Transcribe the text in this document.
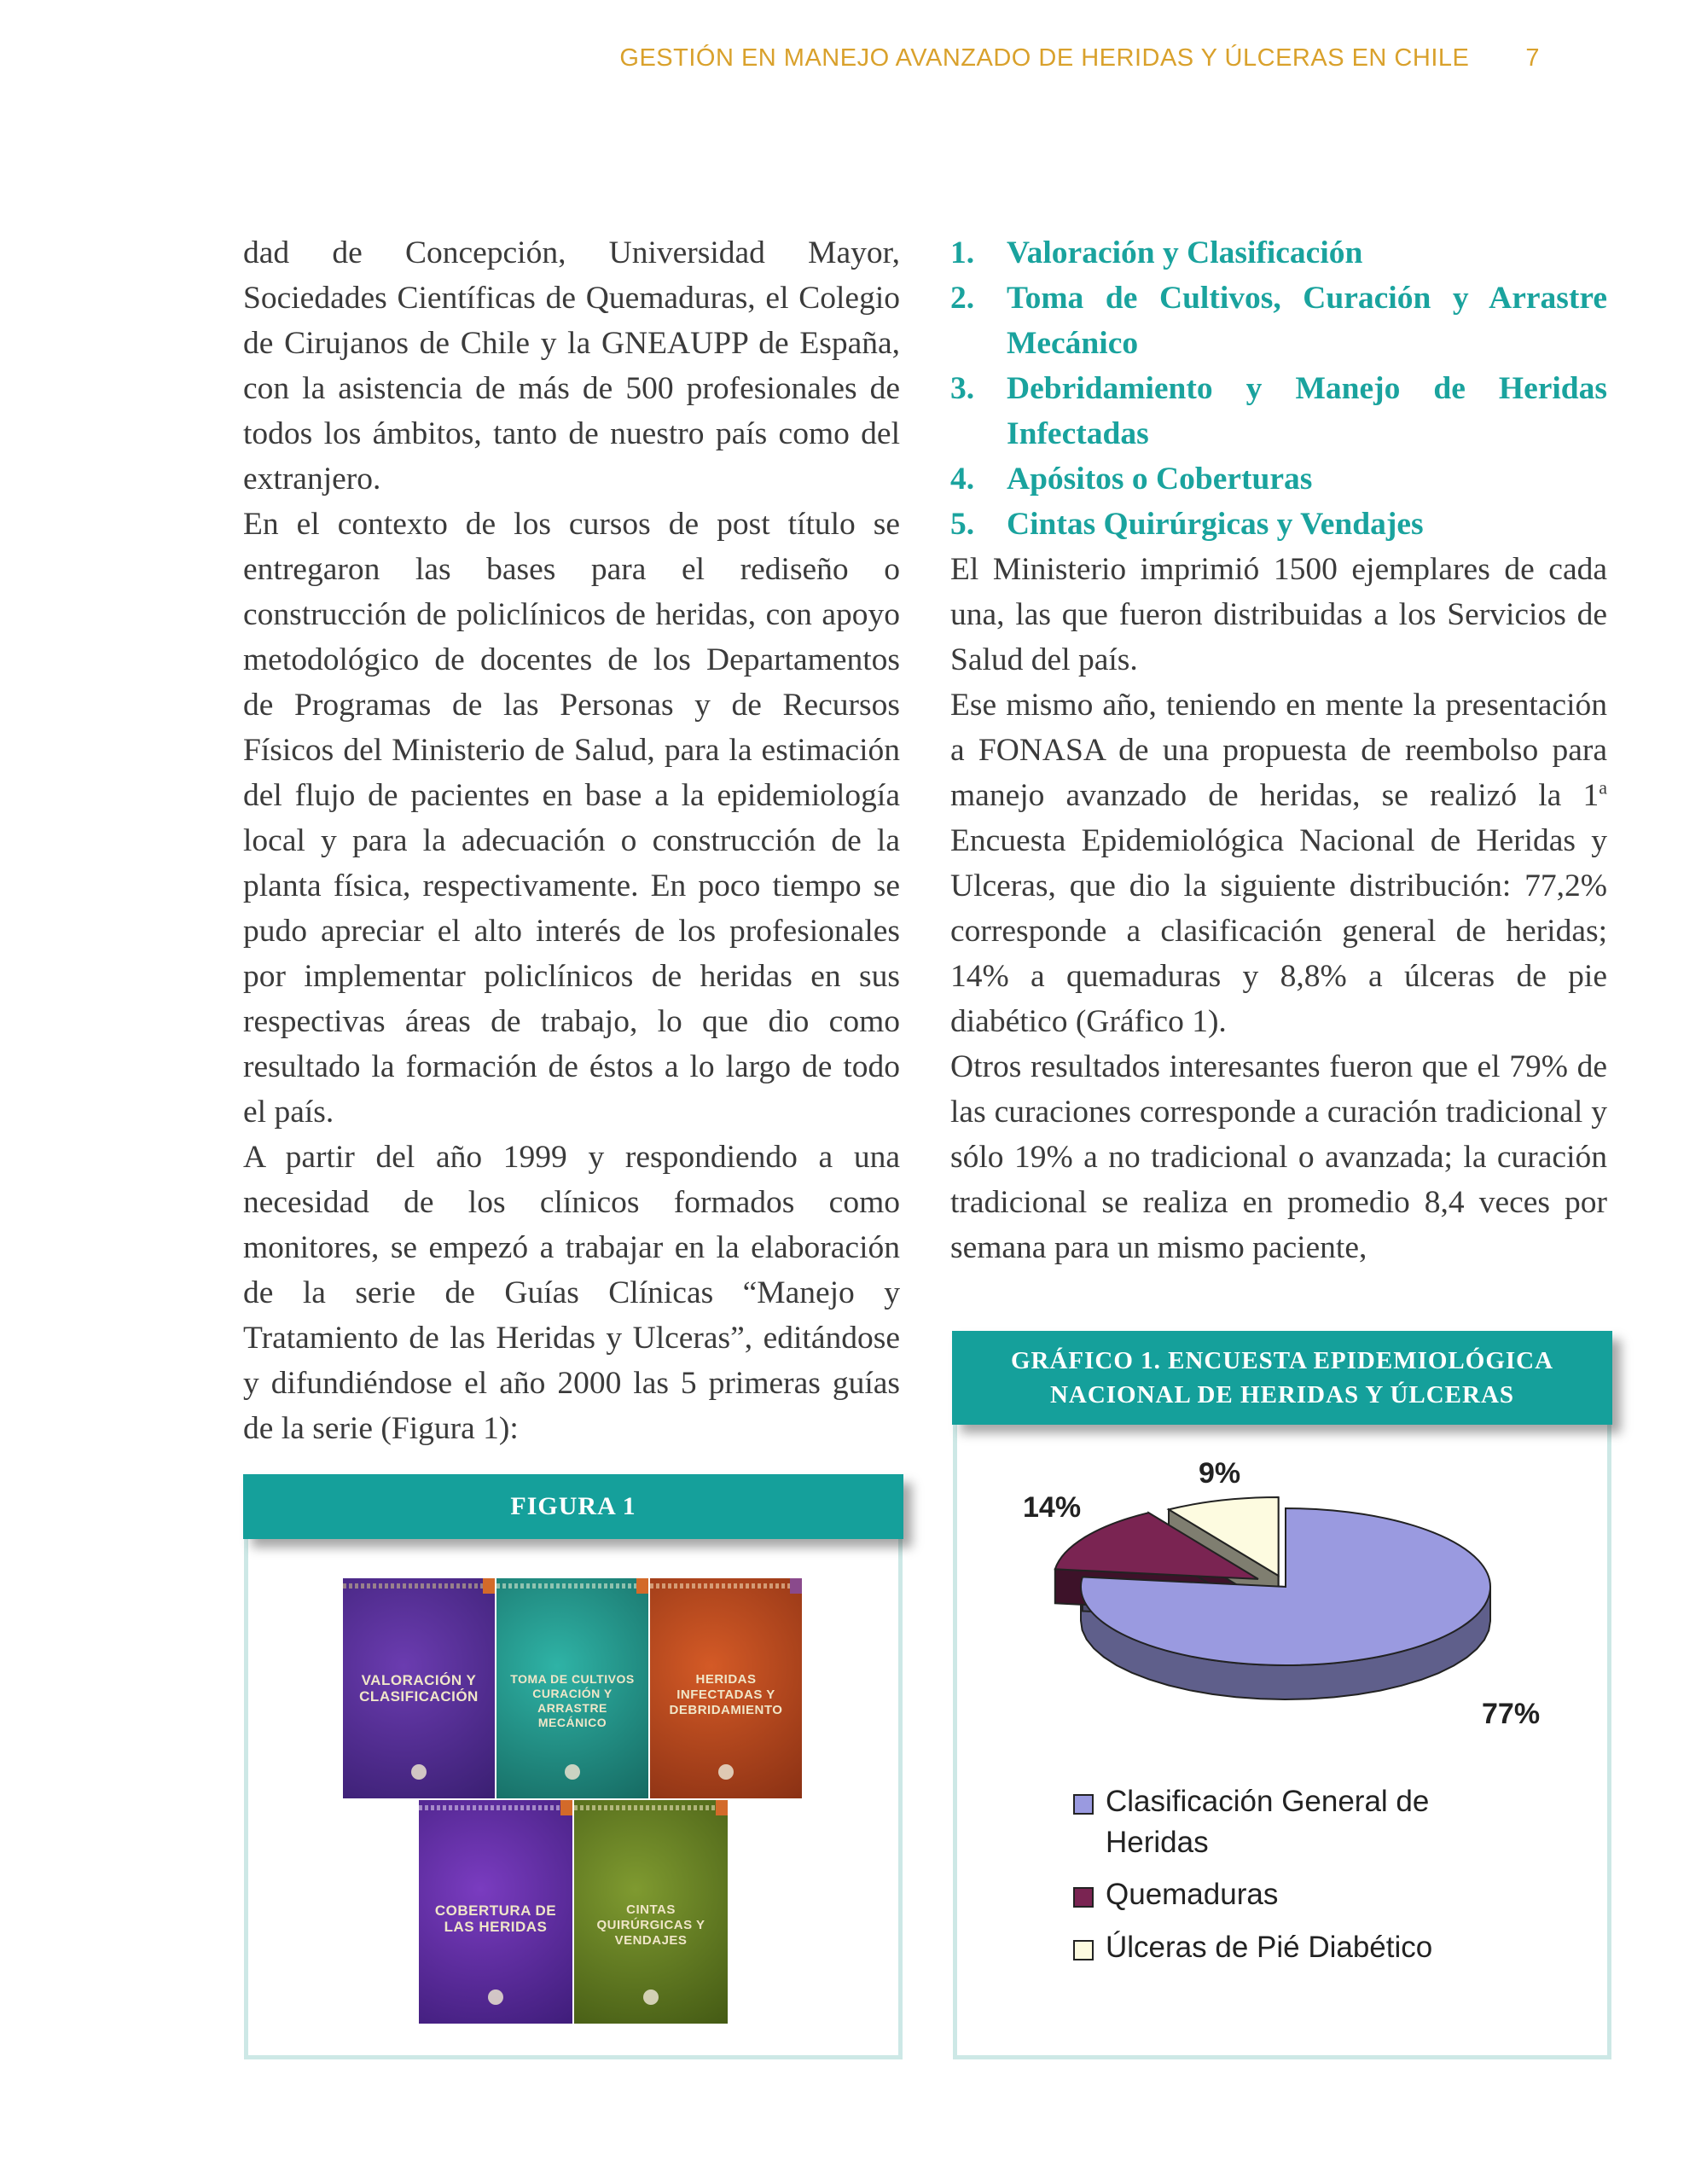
GESTIÓN EN MANEJO AVANZADO DE HERIDAS Y ÚLCERAS EN CHILE 7

dad de Concepción, Universidad Mayor, Sociedades Científicas de Quemaduras, el Colegio de Cirujanos de Chile y la GNEAUPP de España, con la asistencia de más de 500 profesionales de todos los ámbitos, tanto de nuestro país como del extranjero.

En el contexto de los cursos de post título se entregaron las bases para el rediseño o construcción de policlínicos de heridas, con apoyo metodológico de docentes de los Departamentos de Programas de las Personas y de Recursos Físicos del Ministerio de Salud, para la estimación del flujo de pacientes en base a la epidemiología local y para la adecuación o construcción de la planta física, respectivamente. En poco tiempo se pudo apreciar el alto interés de los profesionales por implementar policlínicos de heridas en sus respectivas áreas de trabajo, lo que dio como resultado la formación de éstos a lo largo de todo el país.

A partir del año 1999 y respondiendo a una necesidad de los clínicos formados como monitores, se empezó a trabajar en la elaboración de la serie de Guías Clínicas “Manejo y Tratamiento de las Heridas y Ulceras”, editándose y difundiéndose el año 2000 las 5 primeras guías de la serie (Figura 1):

1. Valoración y Clasificación
2. Toma de Cultivos, Curación y Arrastre Mecánico
3. Debridamiento y Manejo de Heridas Infectadas
4. Apósitos o Coberturas
5. Cintas Quirúrgicas y Vendajes

El Ministerio imprimió 1500 ejemplares de cada una, las que fueron distribuidas a los Servicios de Salud del país.

Ese mismo año, teniendo en mente la presentación a FONASA de una propuesta de reembolso para manejo avanzado de heridas, se realizó la 1$^a$ Encuesta Epidemiológica Nacional de Heridas y Ulceras, que dio la siguiente distribución: 77,2% corresponde a clasificación general de heridas; 14% a quemaduras y 8,8% a úlceras de pie diabético (Gráfico 1).

Otros resultados interesantes fueron que el 79% de las curaciones corresponde a curación tradicional y sólo 19% a no tradicional o avanzada; la curación tradicional se realiza en promedio 8,4 veces por semana para un mismo paciente,

FIGURA 1
VALORACIÓN Y CLASIFICACIÓN
TOMA DE CULTIVOS CURACIÓN Y ARRASTRE MECÁNICO
HERIDAS INFECTADAS Y DEBRIDAMIENTO
COBERTURA DE LAS HERIDAS
CINTAS QUIRÚRGICAS Y VENDAJES
GRÁFICO 1. ENCUESTA EPIDEMIOLÓGICA
NACIONAL DE HERIDAS Y ÚLCERAS
77%
14%
9%
Clasificación General de Heridas
Quemaduras
Úlceras de Pié Diabético
